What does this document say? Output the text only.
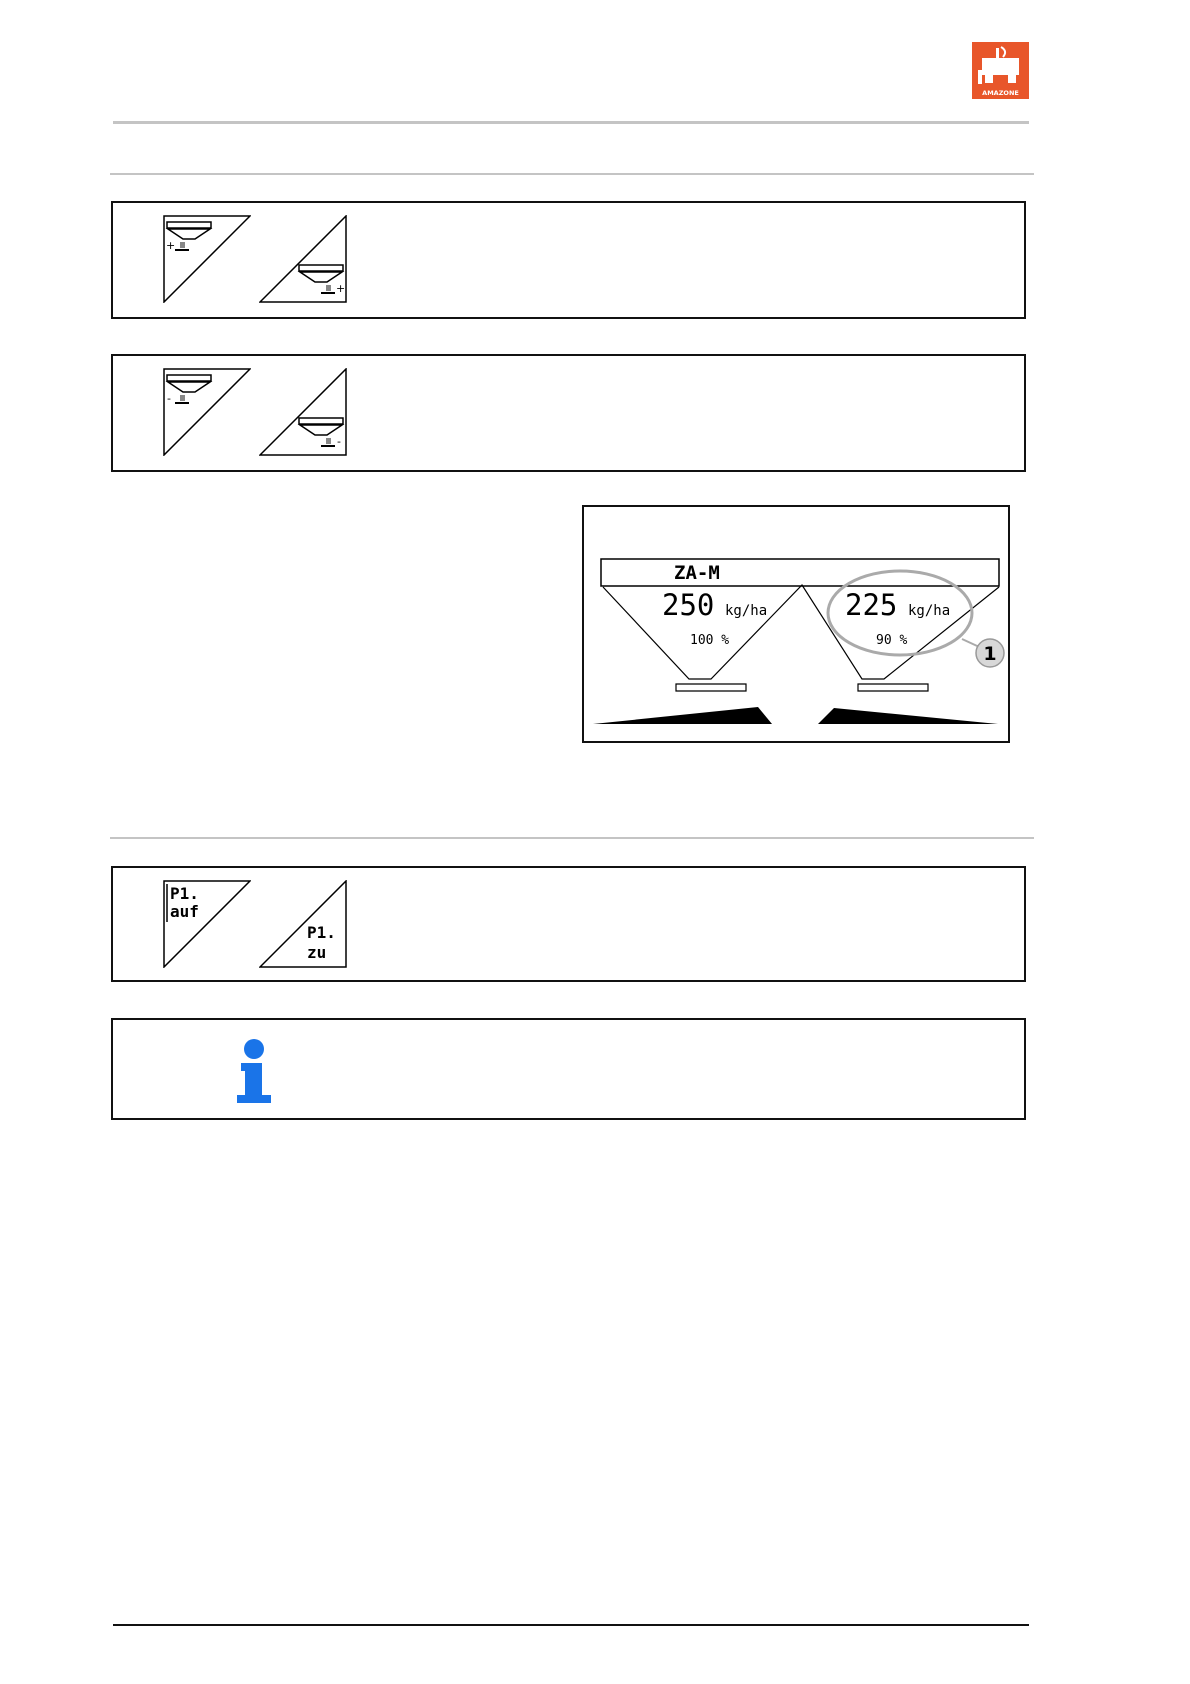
AMAZONE
+
+
-
-
ZA-M
250 kg/ha
100 %
225 kg/ha
90 %
1
P1.
auf
P1.
zu
